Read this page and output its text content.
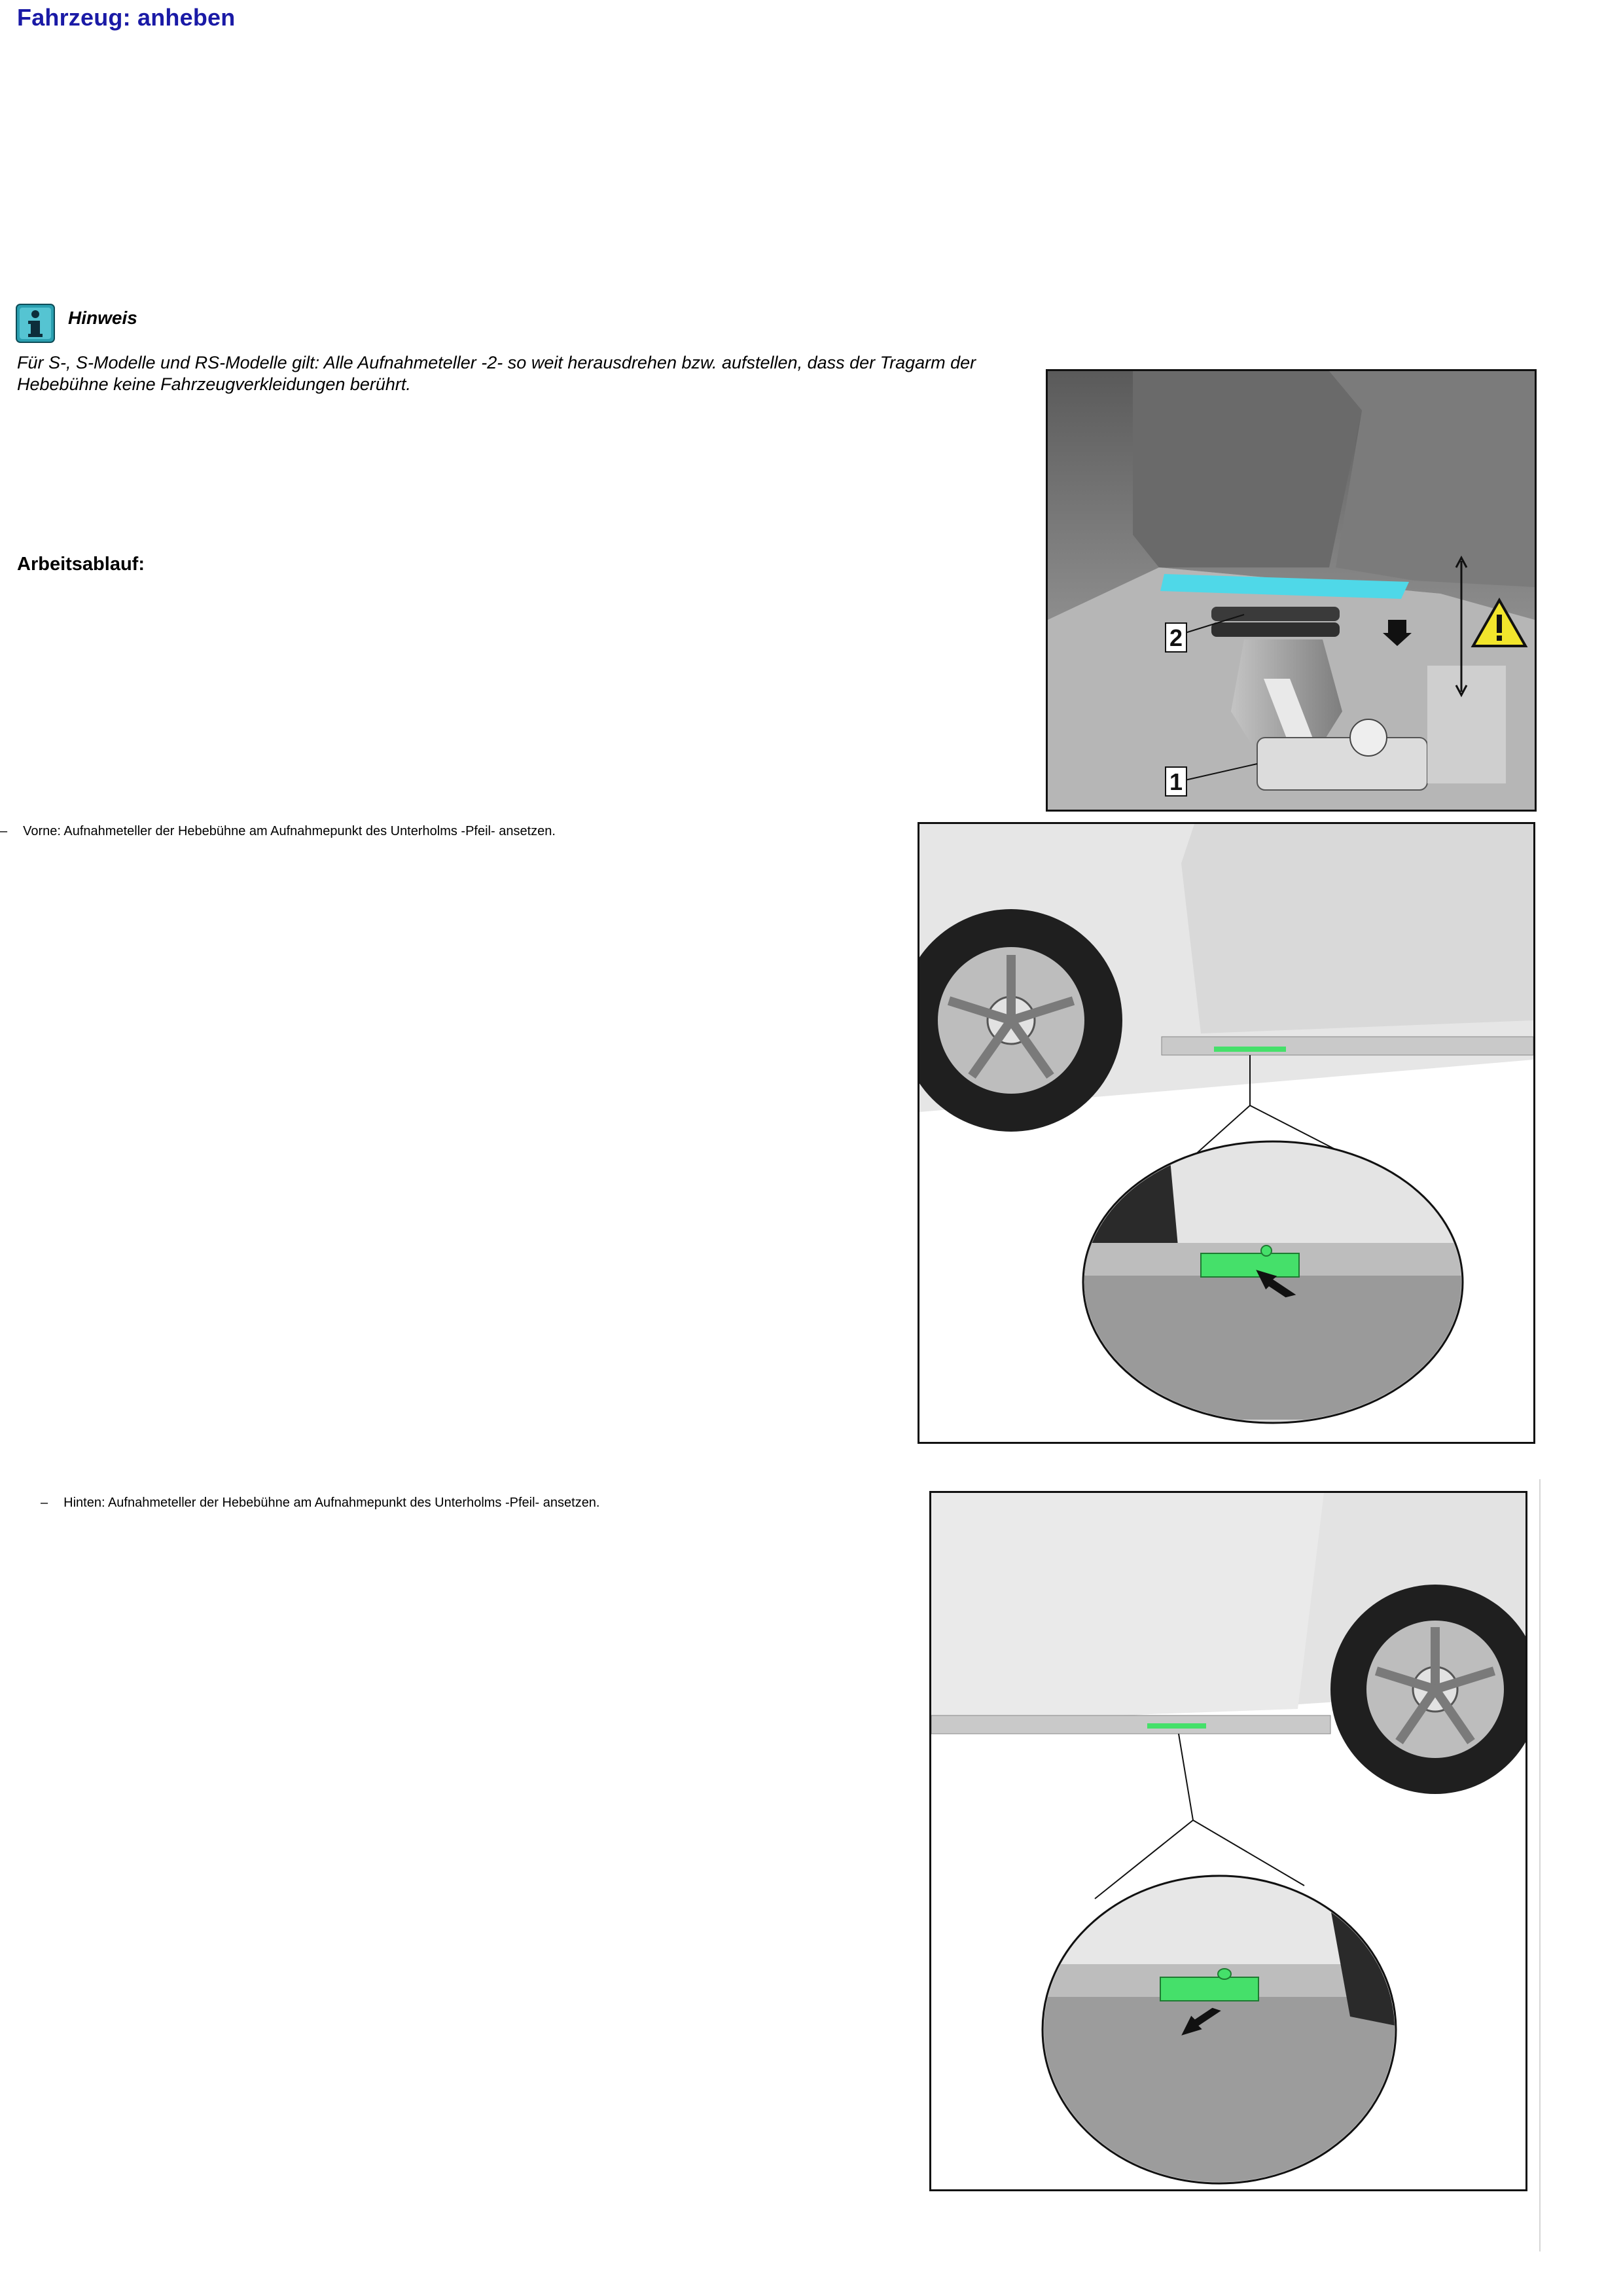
Fahrzeug: anheben
Hinweis
Für S-, S-Modelle und RS-Modelle gilt: Alle Aufnahmeteller -2- so weit herausdrehen bzw. aufstellen, dass der Tragarm der Hebebühne keine Fahrzeugverkleidungen berührt.
Arbeitsablauf:
2
1
– Vorne: Aufnahmeteller der Hebebühne am Aufnahmepunkt des Unterholms -Pfeil- ansetzen.
– Hinten: Aufnahmeteller der Hebebühne am Aufnahmepunkt des Unterholms -Pfeil- ansetzen.
